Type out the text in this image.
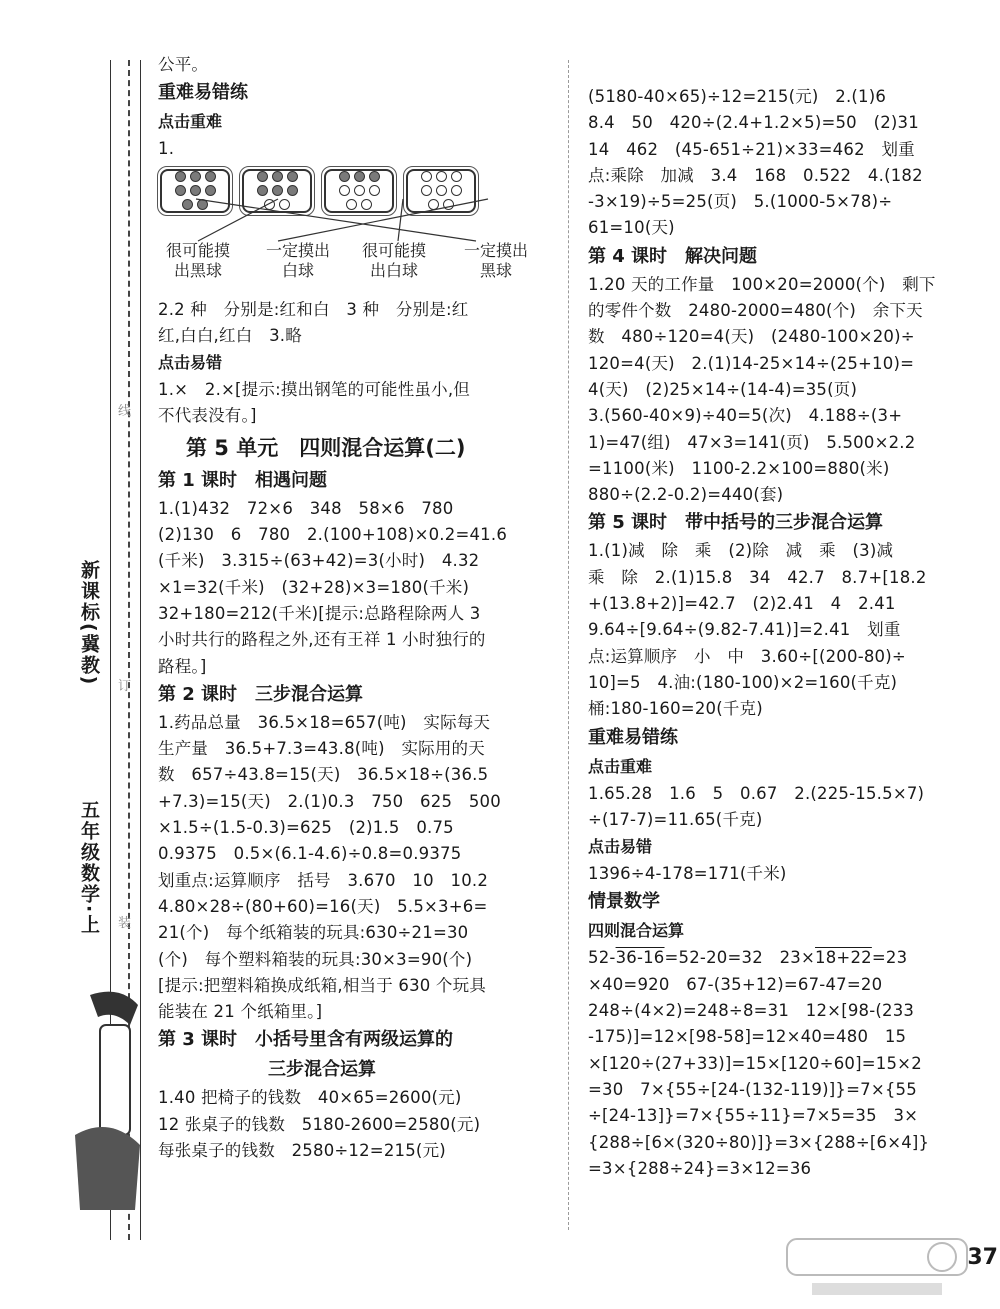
新课标(冀教)
五年级数学·上
线
订
装
公平。
重难易错练
点击重难
1.
很可能摸出黑球
一定摸出白球
很可能摸出白球
一定摸出黑球
2.2 种　分别是:红和白　3 种　分别是:红
红,白白,红白　3.略
点击易错
1.×　2.×[提示:摸出钢笔的可能性虽小,但
不代表没有。]
第 5 单元　四则混合运算(二)
第 1 课时　相遇问题
1.(1)432　72×6　348　58×6　780
(2)130　6　780　2.(100+108)×0.2=41.6
(千米)　3.315÷(63+42)=3(小时)　4.32
×1=32(千米)　(32+28)×3=180(千米)
32+180=212(千米)[提示:总路程除两人 3
小时共行的路程之外,还有王祥 1 小时独行的
路程。]
第 2 课时　三步混合运算
1.药品总量　36.5×18=657(吨)　实际每天
生产量　36.5+7.3=43.8(吨)　实际用的天
数　657÷43.8=15(天)　36.5×18÷(36.5
+7.3)=15(天)　2.(1)0.3　750　625　500
×1.5÷(1.5-0.3)=625　(2)1.5　0.75
0.9375　0.5×(6.1-4.6)÷0.8=0.9375
划重点:运算顺序　括号　3.670　10　10.2
4.80×28÷(80+60)=16(天)　5.5×3+6=
21(个)　每个纸箱装的玩具:630÷21=30
(个)　每个塑料箱装的玩具:30×3=90(个)
[提示:把塑料箱换成纸箱,相当于 630 个玩具
能装在 21 个纸箱里。]
第 3 课时　小括号里含有两级运算的
三步混合运算
1.40 把椅子的钱数　40×65=2600(元)
12 张桌子的钱数　5180-2600=2580(元)
每张桌子的钱数　2580÷12=215(元)
(5180-40×65)÷12=215(元)　2.(1)6
8.4　50　420÷(2.4+1.2×5)=50　(2)31
14　462　(45-651÷21)×33=462　划重
点:乘除　加减　3.4　168　0.522　4.(182
-3×19)÷5=25(页)　5.(1000-5×78)÷
61=10(天)
第 4 课时　解决问题
1.20 天的工作量　100×20=2000(个)　剩下
的零件个数　2480-2000=480(个)　余下天
数　480÷120=4(天)　(2480-100×20)÷
120=4(天)　2.(1)14-25×14÷(25+10)=
4(天)　(2)25×14÷(14-4)=35(页)
3.(560-40×9)÷40=5(次)　4.188÷(3+
1)=47(组)　47×3=141(页)　5.500×2.2
=1100(米)　1100-2.2×100=880(米)
880÷(2.2-0.2)=440(套)
第 5 课时　带中括号的三步混合运算
1.(1)减　除　乘　(2)除　减　乘　(3)减
乘　除　2.(1)15.8　34　42.7　8.7+[18.2
+(13.8+2)]=42.7　(2)2.41　4　2.41
9.64÷[9.64÷(9.82-7.41)]=2.41　划重
点:运算顺序　小　中　3.60÷[(200-80)÷
10]=5　4.油:(180-100)×2=160(千克)
桶:180-160=20(千克)
重难易错练
点击重难
1.65.28　1.6　5　0.67　2.(225-15.5×7)
÷(17-7)=11.65(千克)
点击易错
1396÷4-178=171(千米)
情景数学
四则混合运算
52-36-16=52-20=32　23×18+22=23
×40=920　67-(35+12)=67-47=20
248÷(4×2)=248÷8=31　12×[98-(233
-175)]=12×[98-58]=12×40=480　15
×[120÷(27+33)]=15×[120÷60]=15×2
=30　7×{55÷[24-(132-119)]}=7×{55
÷[24-13]}=7×{55÷11}=7×5=35　3×
{288÷[6×(320÷80)]}=3×{288÷[6×4]}
=3×{288÷24}=3×12=36
37
